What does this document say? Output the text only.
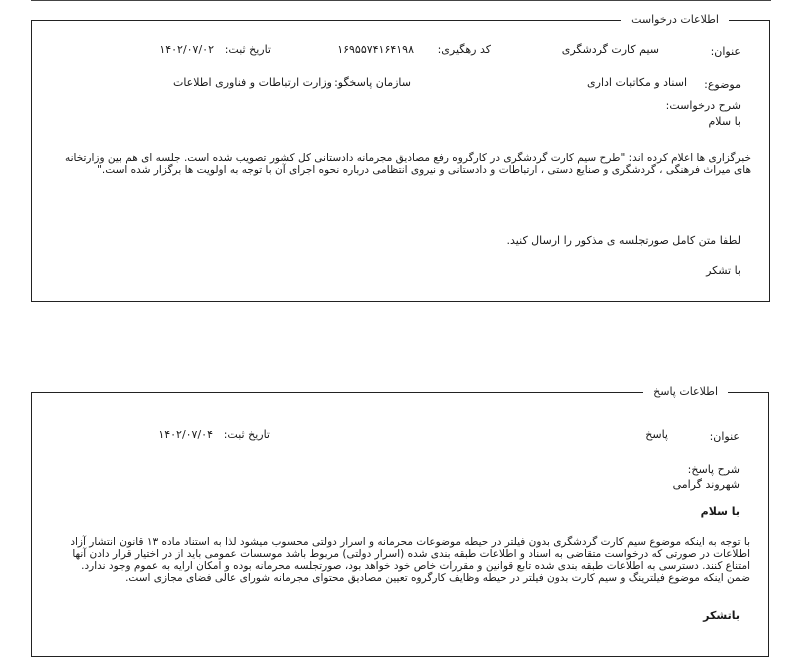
اطلاعات درخواست
عنوان:
سیم کارت گردشگری
کد رهگیری:
۱۶۹۵۵۷۴۱۶۴۱۹۸
تاریخ ثبت:
۱۴۰۲/۰۷/۰۲
موضوع:
اسناد و مکاتبات اداری
سازمان پاسخگو:
وزارت ارتباطات و فناوری اطلاعات
شرح درخواست:
با سلام
خبرگزاری ها اعلام کرده اند: "طرح سیم کارت گردشگری در کارگروه رفع مصادیق مجرمانه دادستانی کل کشور تصویب شده است. جلسه ای هم بین وزارتخانه
های میراث فرهنگی ، گردشگری و صنایع دستی ، ارتباطات و دادستانی و نیروی انتظامی درباره نحوه اجرای آن با توجه به اولویت ها برگزار شده است."
لطفا متن کامل صورتجلسه ی مذکور را ارسال کنید.
با تشکر
اطلاعات پاسخ
عنوان:
پاسخ
تاریخ ثبت:
۱۴۰۲/۰۷/۰۴
شرح پاسخ:
شهروند گرامی
با سلام
با توجه به اینکه موضوع سیم کارت گردشگری بدون فیلتر در حیطه موضوعات محرمانه و اسرار دولتی محسوب میشود لذا به استناد ماده ۱۳ قانون انتشار آزاد
اطلاعات در صورتی که درخواست متقاضی به اسناد و اطلاعات طبقه بندی شده (اسرار دولتی) مربوط باشد موسسات عمومی باید از در اختیار قرار دادن آنها
امتناع کنند. دسترسی به اطلاعات طبقه بندی شده تابع قوانین و مقررات خاص خود خواهد بود، صورتجلسه محرمانه بوده و امکان ارایه به عموم وجود ندارد.
ضمن اینکه موضوع فیلترینگ و سیم کارت بدون فیلتر در حیطه وظایف کارگروه تعیین مصادیق محتوای مجرمانه شورای عالی فضای مجازی است.
باتشکر
